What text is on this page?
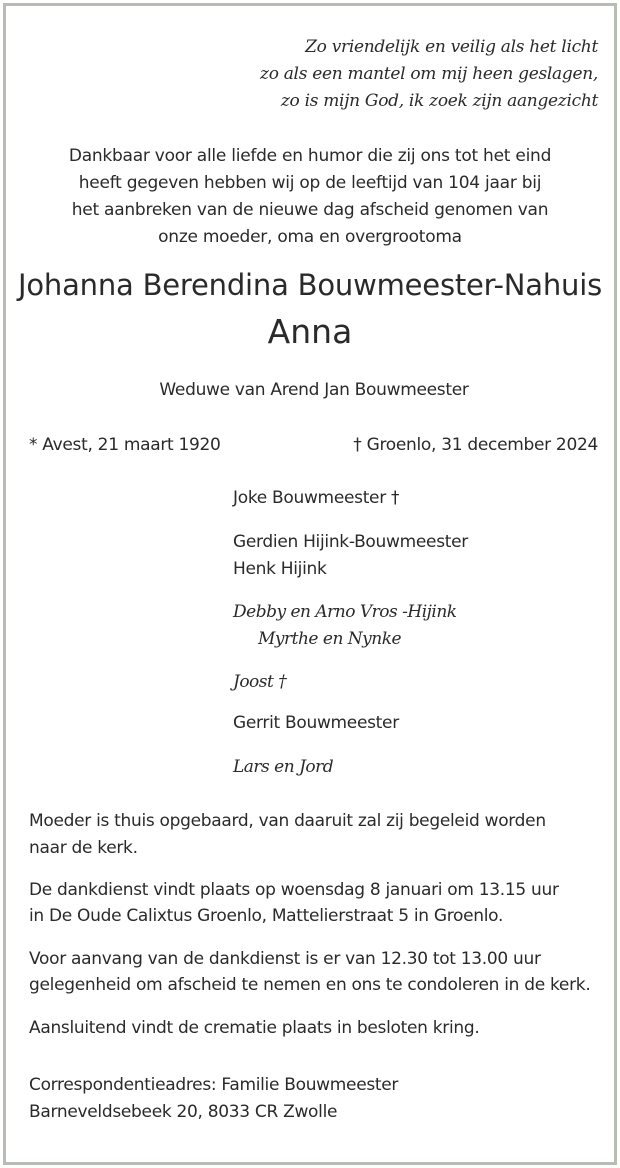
Zo vriendelijk en veilig als het licht

zo als een mantel om mij heen geslagen,

zo is mijn God, ik zoek zijn aangezicht

Dankbaar voor alle liefde en humor die zij ons tot het eind

heeft gegeven hebben wij op de leeftijd van 104 jaar bij

het aanbreken van de nieuwe dag afscheid genomen van

onze moeder, oma en overgrootoma

Johanna Berendina Bouwmeester-Nahuis
Anna

Weduwe van Arend Jan Bouwmeester

* Avest, 21 maart 1920	† Groenlo, 31 december 2024

Joke Bouwmeester †

Gerdien Hijink-Bouwmeester

Henk Hijink

Debby en Arno Vros -Hijink

Myrthe en Nynke

Joost †

Gerrit Bouwmeester

Lars en Jord

Moeder is thuis opgebaard, van daaruit zal zij begeleid worden

naar de kerk.

De dankdienst vindt plaats op woensdag 8 januari om 13.15 uur

in De Oude Calixtus Groenlo, Mattelierstraat 5 in Groenlo.

Voor aanvang van de dankdienst is er van 12.30 tot 13.00 uur

gelegenheid om afscheid te nemen en ons te condoleren in de kerk.

Aansluitend vindt de crematie plaats in besloten kring.

Correspondentieadres: Familie Bouwmeester

Barneveldsebeek 20, 8033 CR Zwolle
